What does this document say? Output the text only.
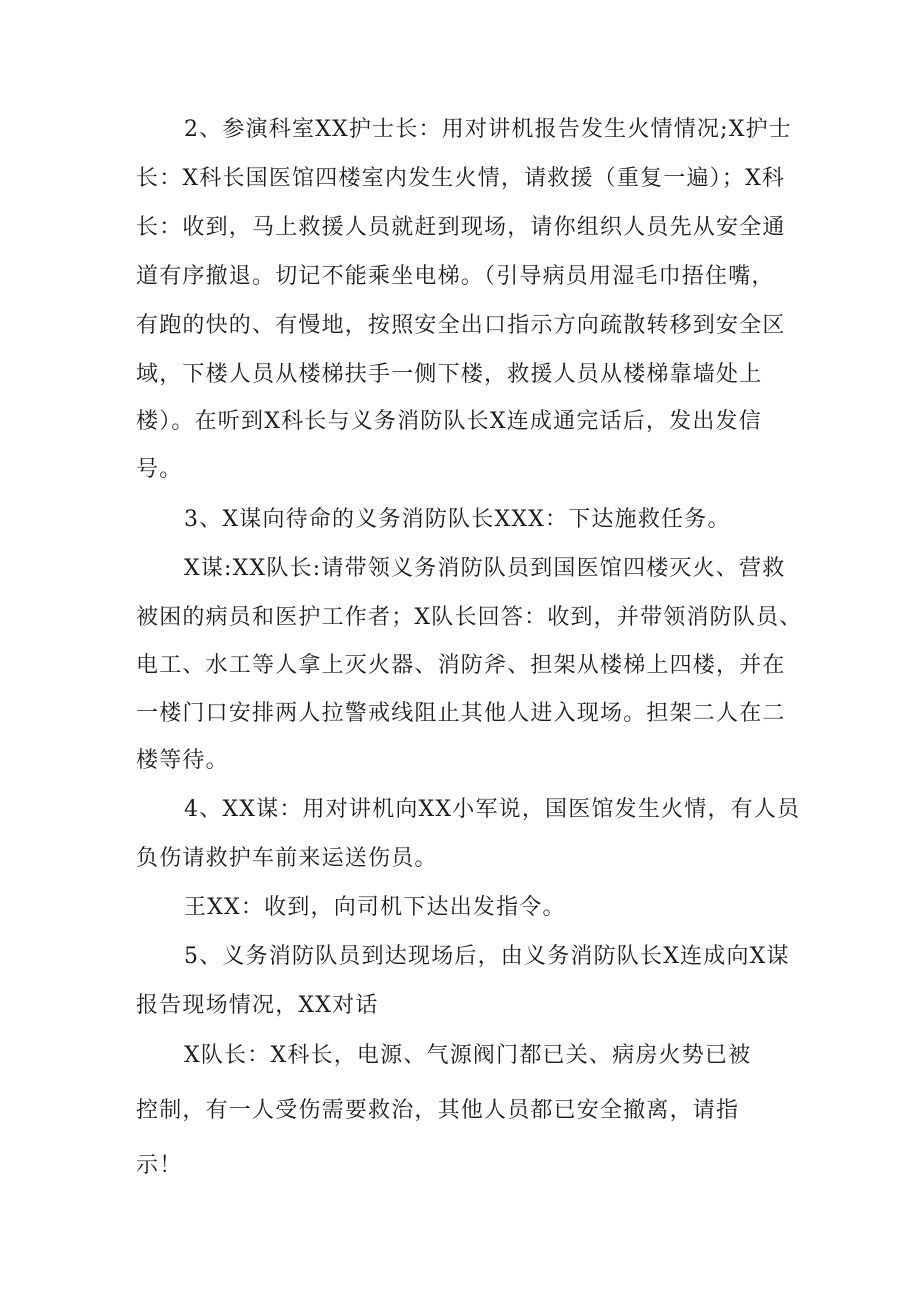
2、参演科室XX护士长：用对讲机报告发生火情情况;X护士
长：X科长国医馆四楼室内发生火情，请救援（重复一遍）；X科
长：收到，马上救援人员就赶到现场，请你组织人员先从安全通
道有序撤退。切记不能乘坐电梯。（引导病员用湿毛巾捂住嘴，
有跑的快的、有慢地，按照安全出口指示方向疏散转移到安全区
域，下楼人员从楼梯扶手一侧下楼，救援人员从楼梯靠墙处上
楼）。在听到X科长与义务消防队长X连成通完话后，发出发信
号。
3、X谋向待命的义务消防队长XXX：下达施救任务。
X谋:XX队长:请带领义务消防队员到国医馆四楼灭火、营救
被困的病员和医护工作者；X队长回答：收到，并带领消防队员、
电工、水工等人拿上灭火器、消防斧、担架从楼梯上四楼，并在
一楼门口安排两人拉警戒线阻止其他人进入现场。担架二人在二
楼等待。
4、XX谋：用对讲机向XX小军说，国医馆发生火情，有人员
负伤请救护车前来运送伤员。
王XX：收到，向司机下达出发指令。
5、义务消防队员到达现场后，由义务消防队长X连成向X谋
报告现场情况，XX对话
X队长：X科长，电源、气源阀门都已关、病房火势已被
控制，有一人受伤需要救治，其他人员都已安全撤离，请指
示！
